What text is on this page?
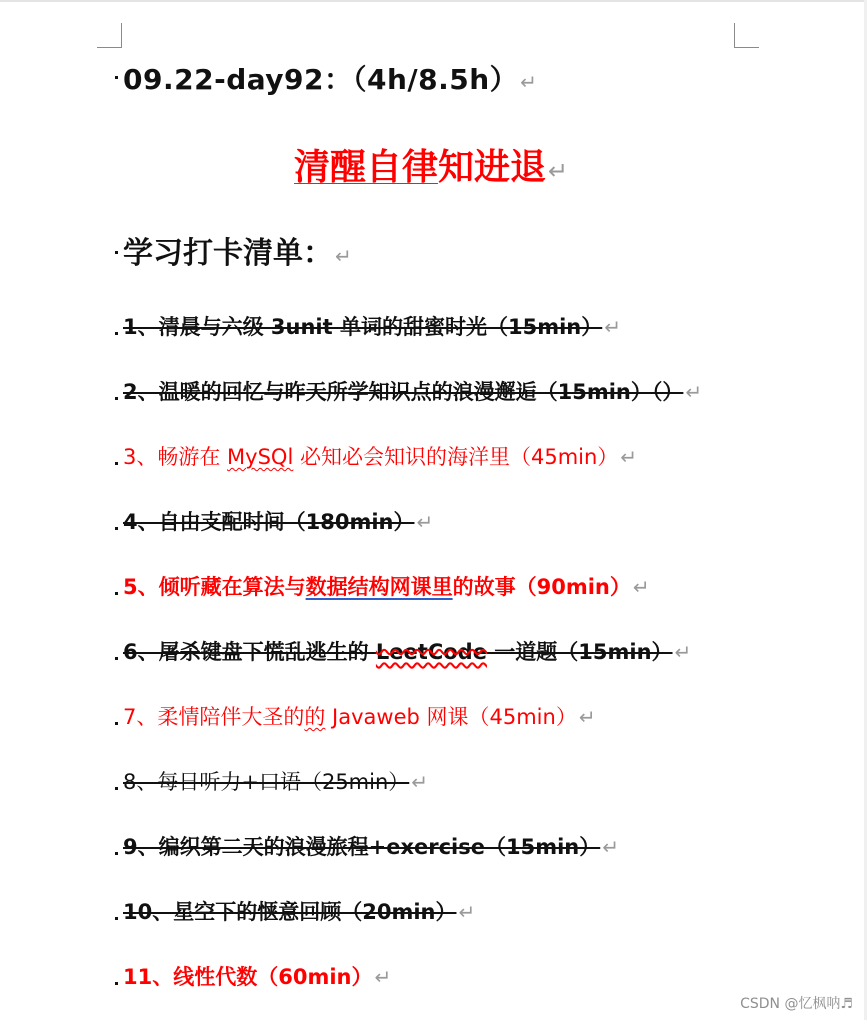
09.22-day92：（4h/8.5h） ↵
清醒自律知进退↵
学习打卡清单： ↵
1、清晨与六级 3unit 单词的甜蜜时光（15min） ↵
2、温暖的回忆与昨天所学知识点的浪漫邂逅（15min）（） ↵
3、畅游在 MySQl 必知必会知识的海洋里（45min） ↵
4、自由支配时间（180min） ↵
5、倾听藏在算法与数据结构网课里的故事（90min） ↵
6、屠杀键盘下慌乱逃生的 LeetCode 一道题（15min） ↵
7、柔情陪伴大圣的的 Javaweb 网课（45min） ↵
8、每日听力+口语（25min） ↵
9、编织第二天的浪漫旅程+exercise（15min） ↵
10、星空下的惬意回顾（20min） ↵
11、线性代数（60min） ↵
CSDN @忆枫呐♬
